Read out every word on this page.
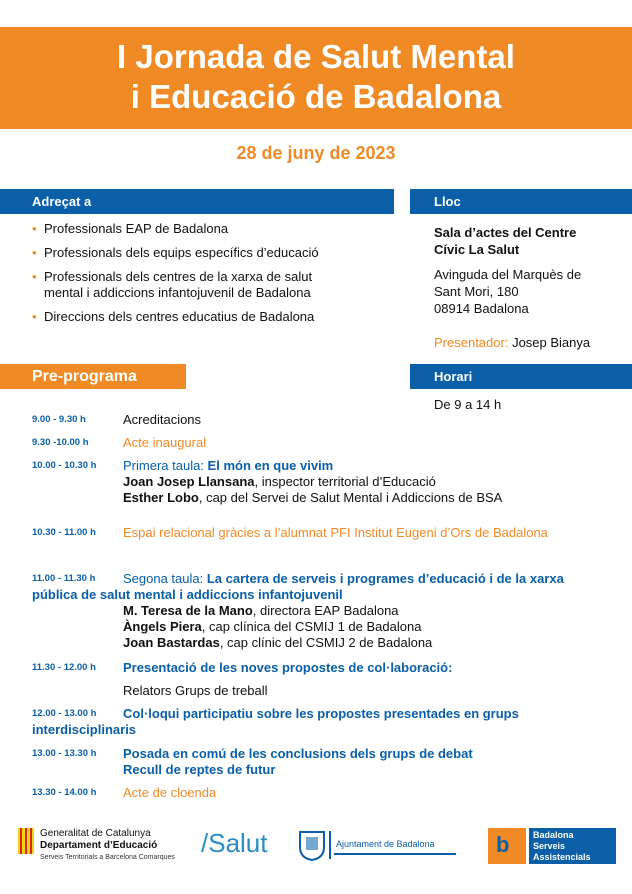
I Jornada de Salut Mental
i Educació de Badalona
28 de juny de 2023
Adreçat a
• Professionals EAP de Badalona
• Professionals dels equips específics d’educació
• Professionals dels centres de la xarxa de salut mental i addiccions infantojuvenil de Badalona
• Direccions dels centres educatius de Badalona
Lloc
Sala d’actes del Centre
Cívic La Salut
Avinguda del Marquès de
Sant Mori, 180
08914 Badalona
Presentador: Josep Bianya
Pre-programa	Horari
De 9 a 14 h
9.00 - 9.30 h	Acreditacions
9.30 -10.00 h	Acte inaugural
10.00 - 10.30 h Primera taula: El món en que vivim
Joan Josep Llansana, inspector territorial d’Educació
Esther Lobo, cap del Servei de Salut Mental i Addiccions de BSA
10.30 - 11.00 h Espai relacional gràcies a l’alumnat PFI Institut Eugeni d’Ors de Badalona
11.00 - 11.30 h Segona taula: La cartera de serveis i programes d’educació i de la xarxa
pública de salut mental i addiccions infantojuvenil
M. Teresa de la Mano, directora EAP Badalona
Àngels Piera, cap clínica del CSMIJ 1 de Badalona
Joan Bastardas, cap clínic del CSMIJ 2 de Badalona
11.30 - 12.00 h Presentació de les noves propostes de col·laboració:
Relators Grups de treball
12.00 - 13.00 h Col·loqui participatiu sobre les propostes presentades en grups
interdisciplinaris
13.00 - 13.30 h Posada en comú de les conclusions dels grups de debat
Recull de reptes de futur
13.30 - 14.00 h Acte de cloenda
Generalitat de Catalunya
Departament d’Educació
Serveis Territorials a Barcelona Comarques /Salut	Ajuntament de Badalona	b	Badalona
Serveis
Assistencials
